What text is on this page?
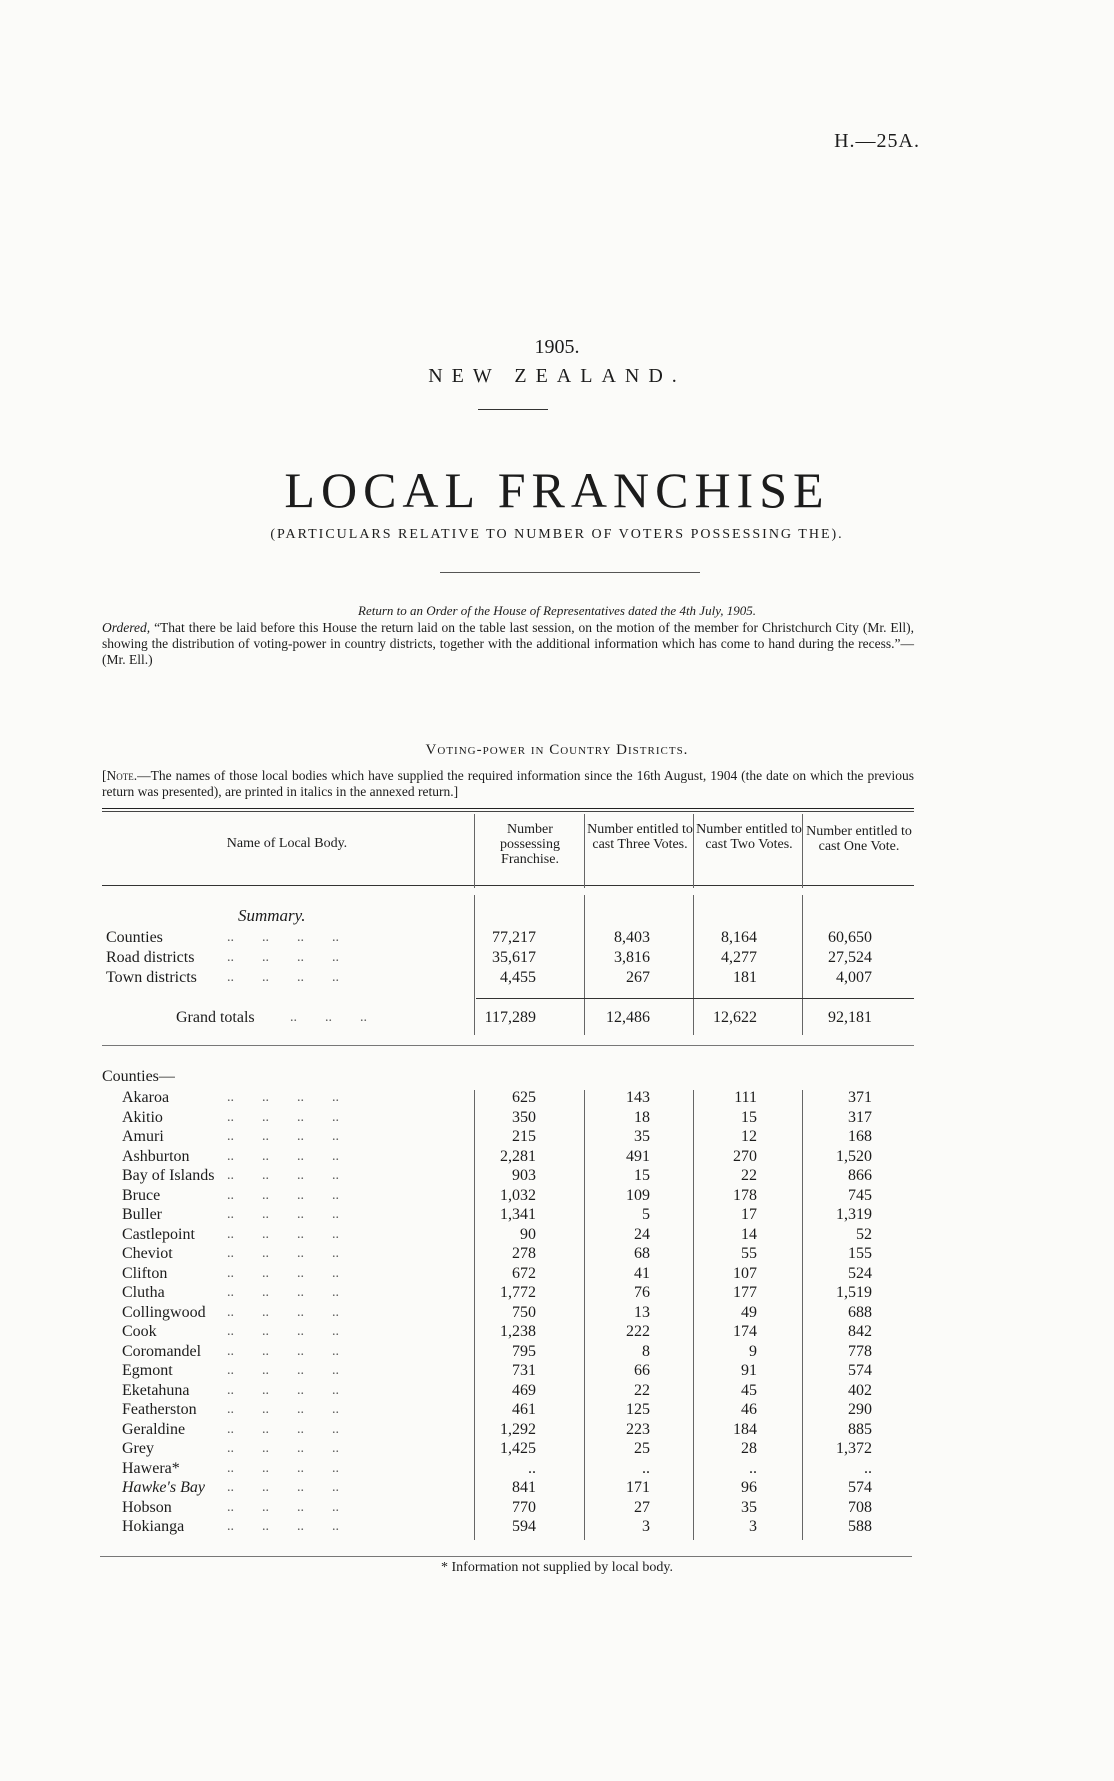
H.—25A.
1905.
NEW ZEALAND.
LOCAL FRANCHISE
(PARTICULARS RELATIVE TO NUMBER OF VOTERS POSSESSING THE).
Return to an Order of the House of Representatives dated the 4th July, 1905.
Ordered, “That there be laid before this House the return laid on the table last session, on the motion of the member for Christchurch City (Mr. Ell), showing the distribution of voting-power in country districts, together with the additional information which has come to hand during the recess.”—(Mr. Ell.)
Voting-power in Country Districts.
[Note.—The names of those local bodies which have supplied the required information since the 16th August, 1904 (the date on which the previous return was presented), are printed in italics in the annexed return.]
Name of Local Body.
Number possessing Franchise.
Number entitled to cast Three Votes.
Number entitled to cast Two Votes.
Number entitled to cast One Vote.
Summary.
Counties	..        ..        ..        ..	77,217	8,403	8,164	60,650
Road districts ..        ..        ..        ..	35,617	3,816	4,277	27,524
Town districts ..        ..        ..        ..	4,455	267	181	4,007
Grand totals	..        ..        ..	117,289	12,486	12,622	92,181
Counties—
Akaroa	625	143	111	371
..        ..        ..        ..
Akitio	350	18	15	317
..        ..        ..        ..
Amuri	215	35	12	168
..        ..        ..        ..
Ashburton	2,281	491	270	1,520
..        ..        ..        ..
Bay of Islands	903	15	22	866
..        ..        ..        ..
Bruce	1,032	109	178	745
..        ..        ..        ..
Buller	1,341	5	17	1,319
..        ..        ..        ..
Castlepoint	90	24	14	52
..        ..        ..        ..
Cheviot	278	68	55	155
..        ..        ..        ..
Clifton	672	41	107	524
..        ..        ..        ..
Clutha	1,772	76	177	1,519
..        ..        ..        ..
Collingwood	750	13	49	688
..        ..        ..        ..
Cook	1,238	222	174	842
..        ..        ..        ..
Coromandel	795	8	9	778
..        ..        ..        ..
Egmont	731	66	91	574
..        ..        ..        ..
Eketahuna	469	22	45	402
..        ..        ..        ..
Featherston	461	125	46	290
..        ..        ..        ..
Geraldine	1,292	223	184	885
..        ..        ..        ..
Grey	1,425	25	28	1,372
..        ..        ..        ..
Hawera*	..	..	..	..
..        ..        ..        ..
Hawke's Bay	841	171	96	574
..        ..        ..        ..
Hobson	770	27	35	708
..        ..        ..        ..
Hokianga	594	3	3	588
..        ..        ..        ..
* Information not supplied by local body.
